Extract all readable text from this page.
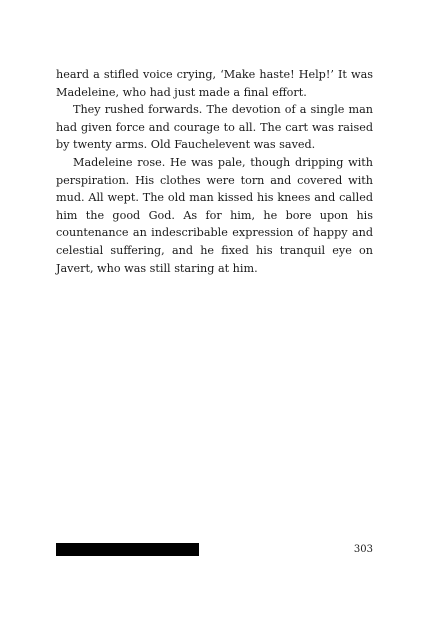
heard a stifled voice crying, ‘Make haste! Help!’ It was Madeleine, who had just made a final effort.

They rushed forwards. The devotion of a single man had given force and courage to all. The cart was raised by twenty arms. Old Fauchelevent was saved.

Madeleine rose. He was pale, though dripping with perspiration. His clothes were torn and covered with mud. All wept. The old man kissed his knees and called him the good God. As for him, he bore upon his countenance an indescribable expression of happy and celestial suffering, and he fixed his tranquil eye on Javert, who was still staring at him.

303
